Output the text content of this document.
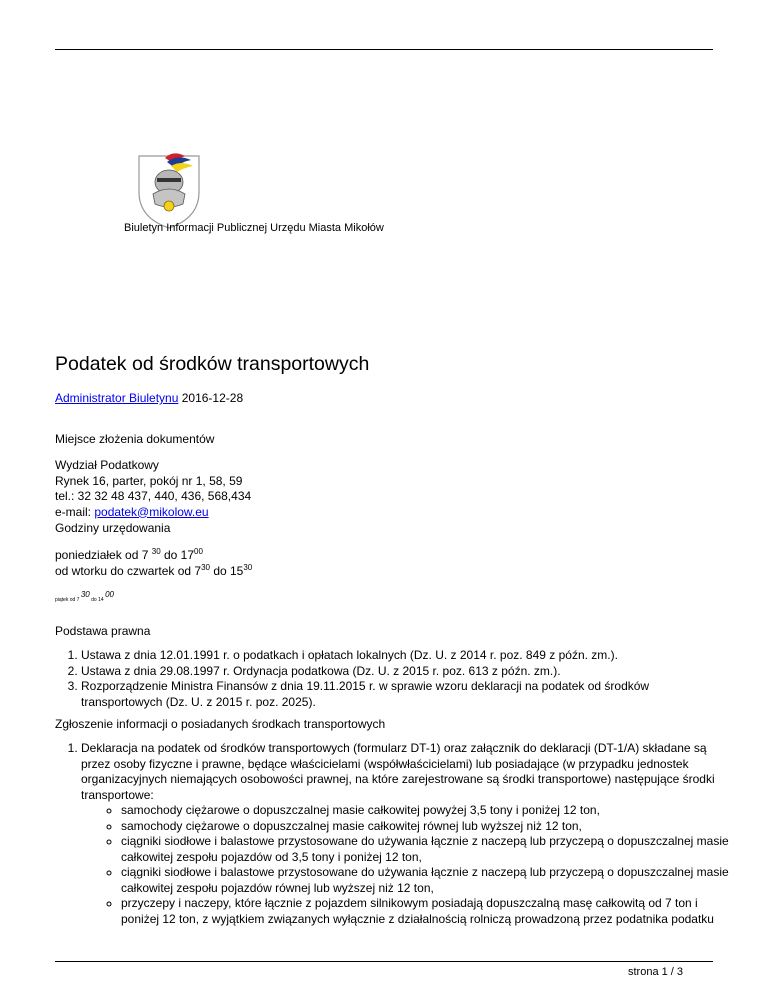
Biuletyn Informacji Publicznej Urzędu Miasta Mikołów
Podatek od środków transportowych
Administrator Biuletynu 2016-12-28

Miejsce złożenia dokumentów

Wydział Podatkowy
Rynek 16, parter, pokój nr 1, 58, 59
tel.: 32 32 48 437, 440, 436, 568,434
e-mail: podatek@mikolow.eu

Godziny urzędowania

poniedziałek od 7 $^{30}$ do $17^{00}$
od wtorku do czwartek od $7^{30}$ do $15^{30}$
piątek od 7 30 do 14 00

Podstawa prawna

1. Ustawa z dnia 12.01.1991 r. o podatkach i opłatach lokalnych (Dz. U. z 2014 r. poz. 849 z późn. zm.).
2. Ustawa z dnia 29.08.1997 r. Ordynacja podatkowa (Dz. U. z 2015 r. poz. 613 z późn. zm.).
3. Rozporządzenie Ministra Finansów z dnia 19.11.2015 r. w sprawie wzoru deklaracji na podatek od środków transportowych (Dz. U. z 2015 r. poz. 2025).

Zgłoszenie informacji o posiadanych środkach transportowych

1. Deklaracja na podatek od środków transportowych (formularz DT-1) oraz załącznik do deklaracji (DT-1/A) składane są przez osoby fizyczne i prawne, będące właścicielami (współwłaścicielami) lub posiadające (w przypadku jednostek organizacyjnych niemających osobowości prawnej, na które zarejestrowane są środki transportowe) następujące środki transportowe:
◦ samochody ciężarowe o dopuszczalnej masie całkowitej powyżej 3,5 tony i poniżej 12 ton,
◦ samochody ciężarowe o dopuszczalnej masie całkowitej równej lub wyższej niż 12 ton,
◦ ciągniki siodłowe i balastowe przystosowane do używania łącznie z naczepą lub przyczepą o dopuszczalnej masie całkowitej zespołu pojazdów od 3,5 tony i poniżej 12 ton,
◦ ciągniki siodłowe i balastowe przystosowane do używania łącznie z naczepą lub przyczepą o dopuszczalnej masie całkowitej zespołu pojazdów równej lub wyższej niż 12 ton,
◦ przyczepy i naczepy, które łącznie z pojazdem silnikowym posiadają dopuszczalną masę całkowitą od 7 ton i poniżej 12 ton, z wyjątkiem związanych wyłącznie z działalnością rolniczą prowadzoną przez podatnika podatku
strona 1 / 3
